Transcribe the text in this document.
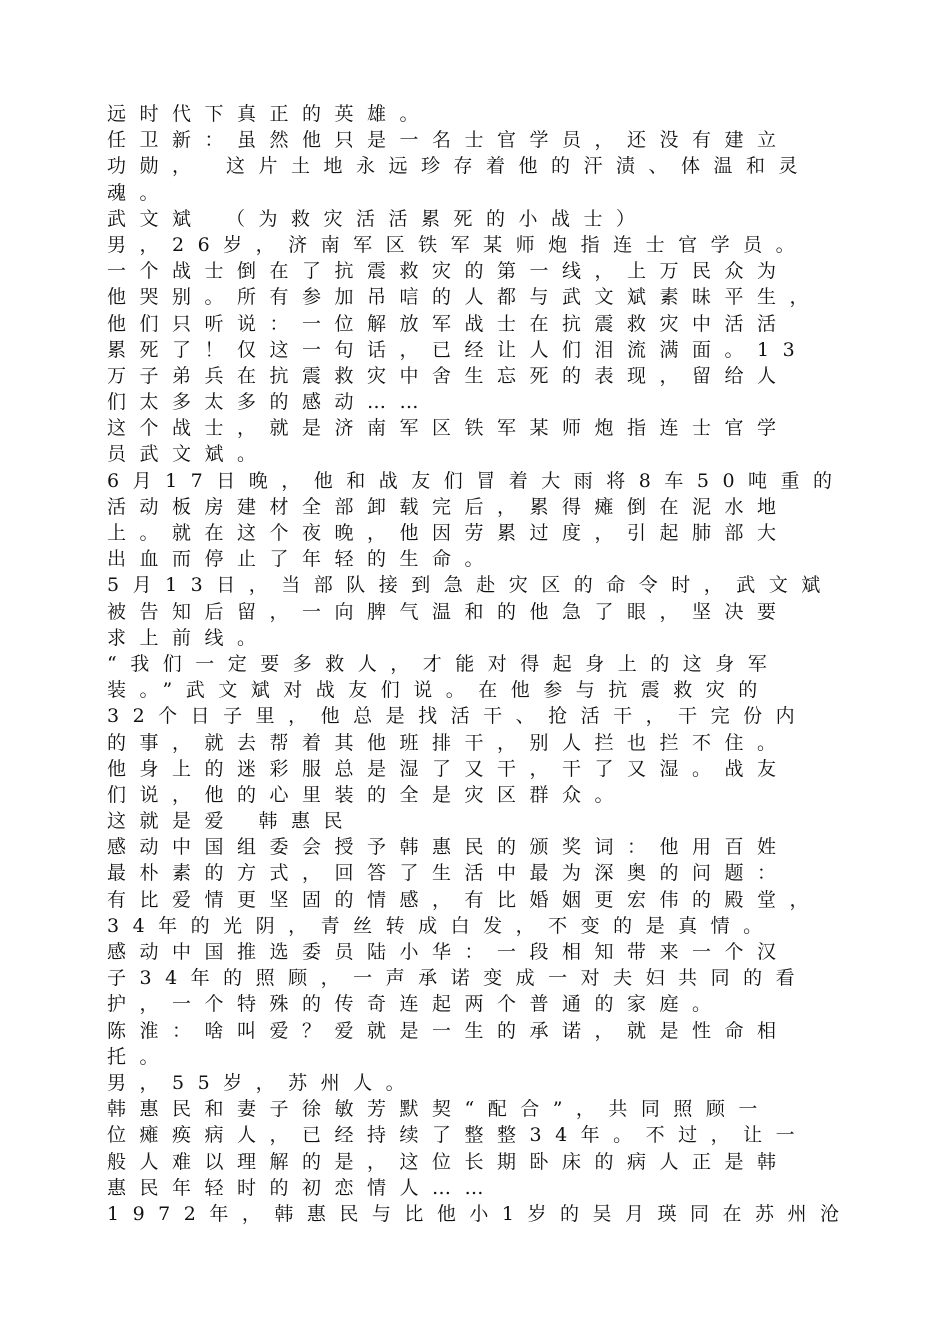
远时代下真正的英雄。
任卫新：虽然他只是一名士官学员，还没有建立
功勋， 这片土地永远珍存着他的汗渍、体温和灵
魂。
武文斌 （为救灾活活累死的小战士）
男，26岁，济南军区铁军某师炮指连士官学员。
一个战士倒在了抗震救灾的第一线，上万民众为
他哭别。所有参加吊唁的人都与武文斌素昧平生，
他们只听说：一位解放军战士在抗震救灾中活活
累死了！仅这一句话，已经让人们泪流满面。13
万子弟兵在抗震救灾中舍生忘死的表现，留给人
们太多太多的感动……
这个战士，就是济南军区铁军某师炮指连士官学
员武文斌。
6月17日晚，他和战友们冒着大雨将8车50吨重的
活动板房建材全部卸载完后，累得瘫倒在泥水地
上。就在这个夜晚，他因劳累过度，引起肺部大
出血而停止了年轻的生命。
5月13日，当部队接到急赴灾区的命令时，武文斌
被告知后留，一向脾气温和的他急了眼，坚决要
求上前线。
“我们一定要多救人，才能对得起身上的这身军
装。”武文斌对战友们说。在他参与抗震救灾的
32个日子里，他总是找活干、抢活干，干完份内
的事，就去帮着其他班排干，别人拦也拦不住。
他身上的迷彩服总是湿了又干，干了又湿。战友
们说，他的心里装的全是灾区群众。
这就是爱 韩惠民
感动中国组委会授予韩惠民的颁奖词：他用百姓
最朴素的方式，回答了生活中最为深奥的问题：
有比爱情更坚固的情感，有比婚姻更宏伟的殿堂，
34年的光阴，青丝转成白发，不变的是真情。
感动中国推选委员陆小华：一段相知带来一个汉
子34年的照顾，一声承诺变成一对夫妇共同的看
护，一个特殊的传奇连起两个普通的家庭。
陈淮：啥叫爱？爱就是一生的承诺，就是性命相
托。
男，55岁，苏州人。
韩惠民和妻子徐敏芳默契“配合”，共同照顾一
位瘫痪病人，已经持续了整整34年。不过，让一
般人难以理解的是，这位长期卧床的病人正是韩
惠民年轻时的初恋情人……
1972年，韩惠民与比他小1岁的吴月瑛同在苏州沧
